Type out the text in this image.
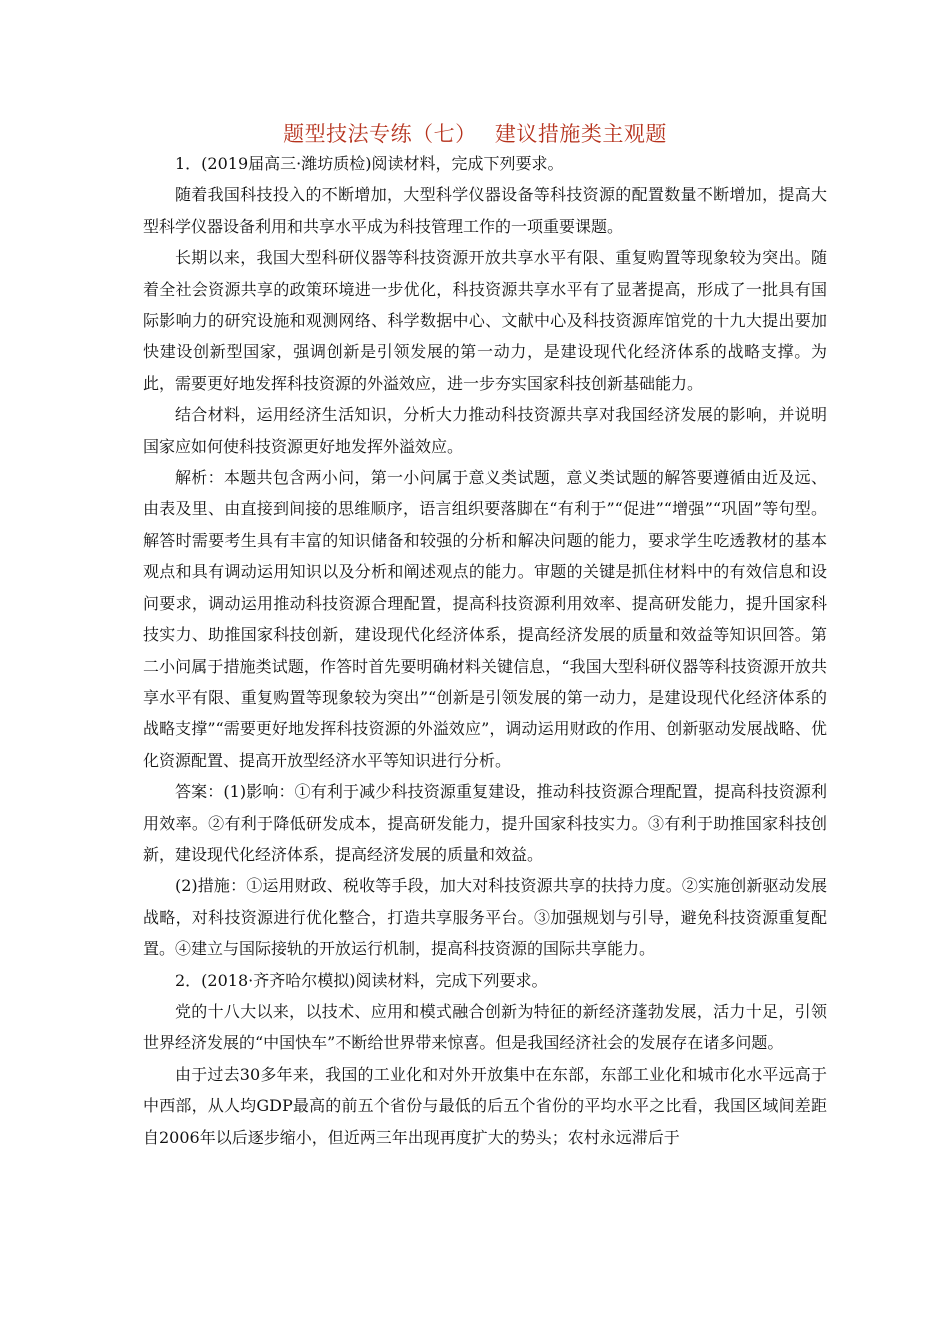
题型技法专练（七）　 建议措施类主观题

1．(2019届高三·潍坊质检)阅读材料，完成下列要求。

随着我国科技投入的不断增加，大型科学仪器设备等科技资源的配置数量不断增加，提高大型科学仪器设备利用和共享水平成为科技管理工作的一项重要课题。

长期以来，我国大型科研仪器等科技资源开放共享水平有限、重复购置等现象较为突出。随着全社会资源共享的政策环境进一步优化，科技资源共享水平有了显著提高，形成了一批具有国际影响力的研究设施和观测网络、科学数据中心、文献中心及科技资源库馆党的十九大提出要加快建设创新型国家，强调创新是引领发展的第一动力，是建设现代化经济体系的战略支撑。为此，需要更好地发挥科技资源的外溢效应，进一步夯实国家科技创新基础能力。

结合材料，运用经济生活知识，分析大力推动科技资源共享对我国经济发展的影响，并说明国家应如何使科技资源更好地发挥外溢效应。

解析：本题共包含两小问，第一小问属于意义类试题，意义类试题的解答要遵循由近及远、由表及里、由直接到间接的思维顺序，语言组织要落脚在“有利于”“促进”“增强”“巩固”等句型。解答时需要考生具有丰富的知识储备和较强的分析和解决问题的能力，要求学生吃透教材的基本观点和具有调动运用知识以及分析和阐述观点的能力。审题的关键是抓住材料中的有效信息和设问要求，调动运用推动科技资源合理配置，提高科技资源利用效率、提高研发能力，提升国家科技实力、助推国家科技创新，建设现代化经济体系，提高经济发展的质量和效益等知识回答。第二小问属于措施类试题，作答时首先要明确材料关键信息，“我国大型科研仪器等科技资源开放共享水平有限、重复购置等现象较为突出”“创新是引领发展的第一动力，是建设现代化经济体系的战略支撑”“需要更好地发挥科技资源的外溢效应”，调动运用财政的作用、创新驱动发展战略、优化资源配置、提高开放型经济水平等知识进行分析。

答案：(1)影响：①有利于减少科技资源重复建设，推动科技资源合理配置，提高科技资源利用效率。②有利于降低研发成本，提高研发能力，提升国家科技实力。③有利于助推国家科技创新，建设现代化经济体系，提高经济发展的质量和效益。

(2)措施：①运用财政、税收等手段，加大对科技资源共享的扶持力度。②实施创新驱动发展战略，对科技资源进行优化整合，打造共享服务平台。③加强规划与引导，避免科技资源重复配置。④建立与国际接轨的开放运行机制，提高科技资源的国际共享能力。

2．(2018·齐齐哈尔模拟)阅读材料，完成下列要求。

党的十八大以来，以技术、应用和模式融合创新为特征的新经济蓬勃发展，活力十足，引领世界经济发展的“中国快车”不断给世界带来惊喜。但是我国经济社会的发展存在诸多问题。

由于过去30多年来，我国的工业化和对外开放集中在东部，东部工业化和城市化水平远高于中西部，从人均GDP最高的前五个省份与最低的后五个省份的平均水平之比看，我国区域间差距自2006年以后逐步缩小，但近两三年出现再度扩大的势头；农村永远滞后于
